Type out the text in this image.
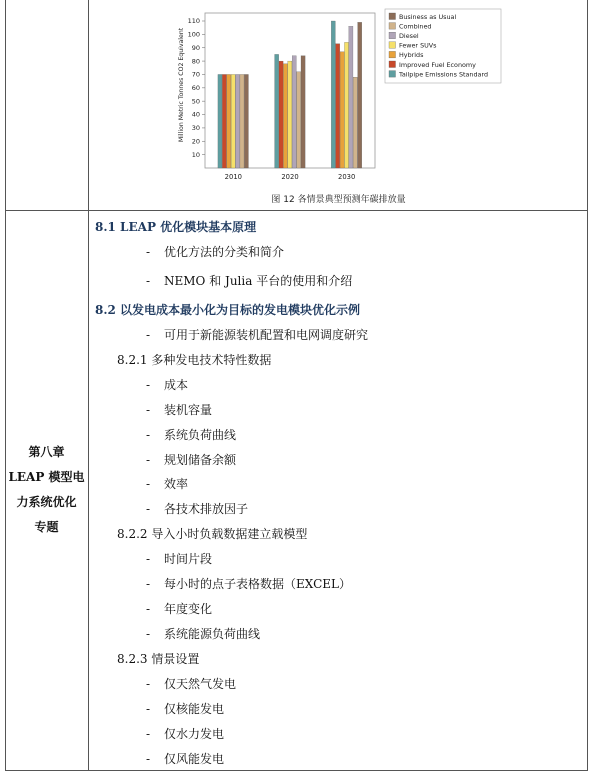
10
20
30
40
50
60
70
80
90
100
110
2010	2020	2030
Million Metric Tonnes CO2 Equivalent
Business as Usual
Combined
Diesel
Fewer SUVs
Hybrids
Improved Fuel Economy
Tailpipe Emissions Standard
图 12 各情景典型预测年碳排放量
第八章
LEAP 模型电
力系统优化
专题
8.1 LEAP 优化模块基本原理
- 优化方法的分类和简介
- NEMO 和 Julia 平台的使用和介绍
8.2 以发电成本最小化为目标的发电模块优化示例
- 可用于新能源装机配置和电网调度研究
8.2.1 多种发电技术特性数据
- 成本
- 装机容量
- 系统负荷曲线
- 规划储备余额
- 效率
- 各技术排放因子
8.2.2 导入小时负载数据建立载模型
- 时间片段
- 每小时的点子表格数据（EXCEL）
- 年度变化
- 系统能源负荷曲线
8.2.3 情景设置
- 仅天然气发电
- 仅核能发电
- 仅水力发电
- 仅风能发电
